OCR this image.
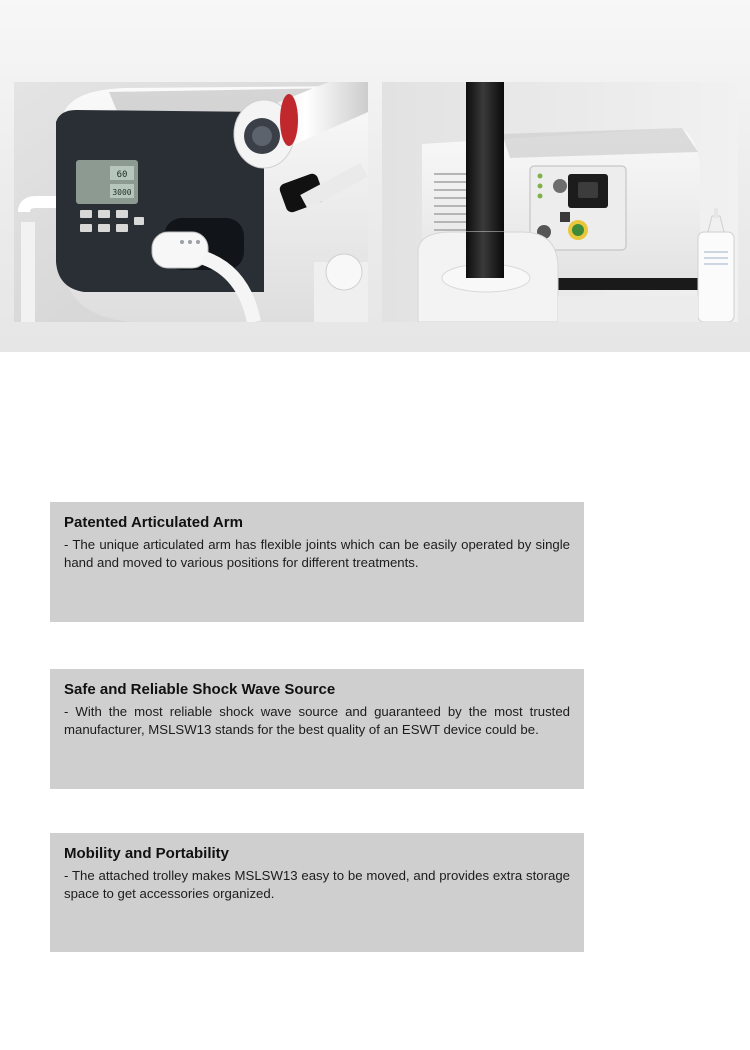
60
3000
Patented Articulated Arm

- The unique articulated arm has flexible joints which can be easily operated by single hand and moved to various positions for different treatments.

Safe and Reliable Shock Wave Source

- With the most reliable shock wave source and guaranteed by the most trusted manufacturer, MSLSW13 stands for the best quality of an ESWT device could be.

Mobility and Portability

- The attached trolley makes MSLSW13 easy to be moved, and provides extra storage space to get accessories organized.
